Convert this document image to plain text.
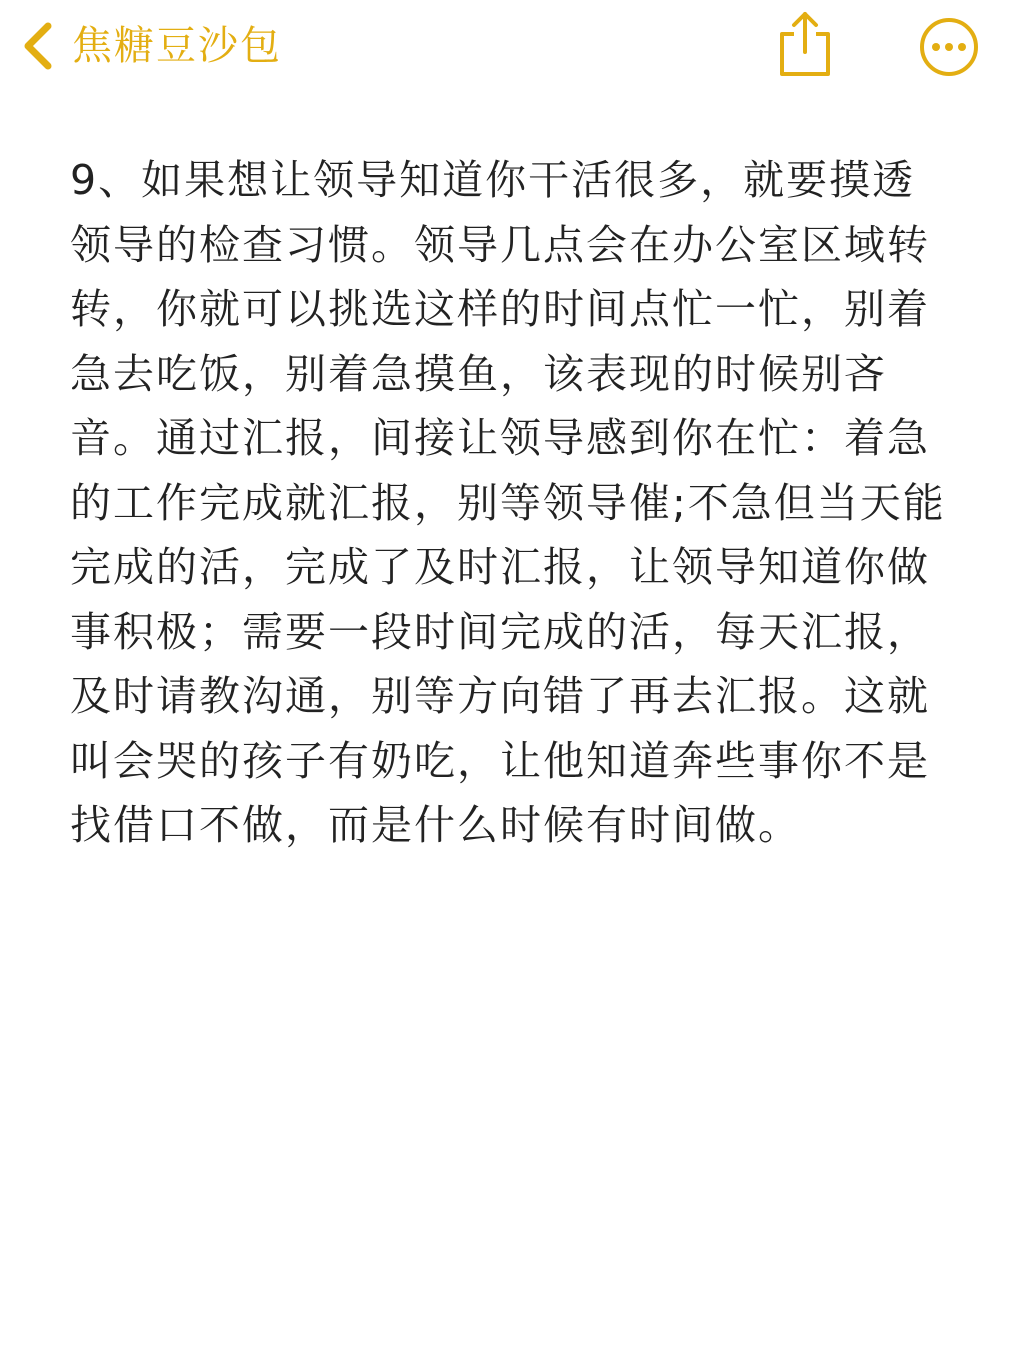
焦糖豆沙包
9、如果想让领导知道你干活很多，就要摸透领导的检查习惯。领导几点会在办公室区域转转，你就可以挑选这样的时间点忙一忙，别着急去吃饭，别着急摸鱼，该表现的时候别吝音。通过汇报，间接让领导感到你在忙：着急的工作完成就汇报，别等领导催;不急但当天能完成的活，完成了及时汇报，让领导知道你做事积极；需要一段时间完成的活，每天汇报，及时请教沟通，别等方向错了再去汇报。这就叫会哭的孩子有奶吃，让他知道奔些事你不是找借口不做，而是什么时候有时间做。
